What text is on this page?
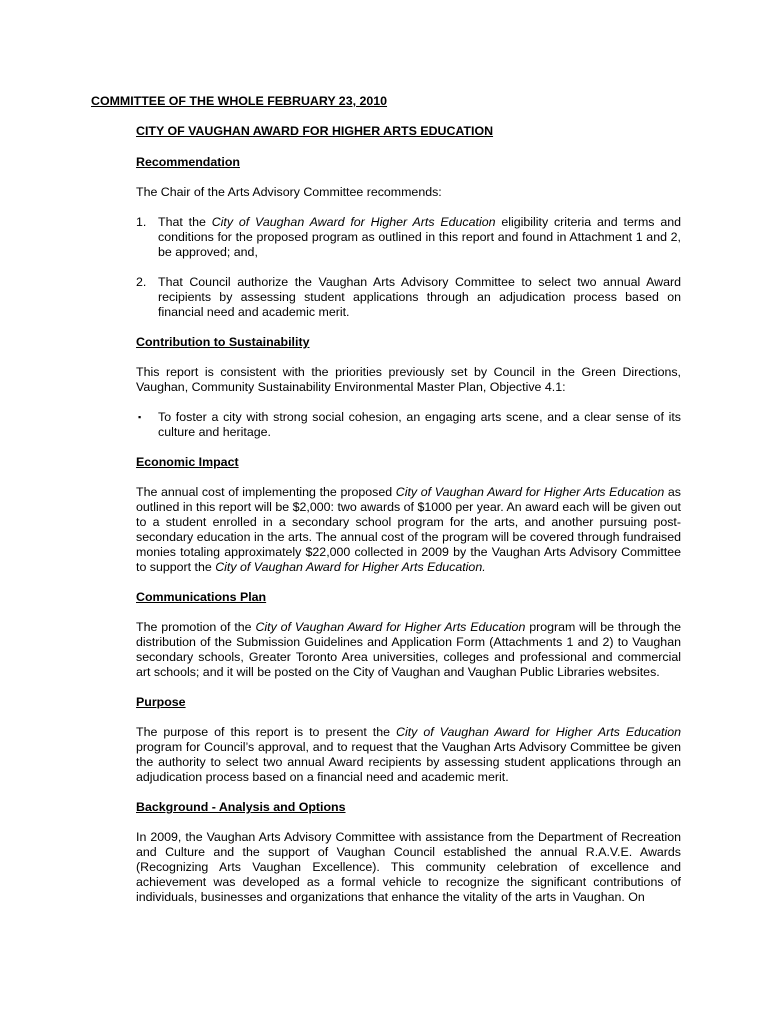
COMMITTEE OF THE WHOLE FEBRUARY 23, 2010

CITY OF VAUGHAN AWARD FOR HIGHER ARTS EDUCATION

Recommendation

The Chair of the Arts Advisory Committee recommends:

1. That the City of Vaughan Award for Higher Arts Education eligibility criteria and terms and conditions for the proposed program as outlined in this report and found in Attachment 1 and 2, be approved; and,
2. That Council authorize the Vaughan Arts Advisory Committee to select two annual Award recipients by assessing student applications through an adjudication process based on financial need and academic merit.

Contribution to Sustainability

This report is consistent with the priorities previously set by Council in the Green Directions, Vaughan, Community Sustainability Environmental Master Plan, Objective 4.1:

▪ To foster a city with strong social cohesion, an engaging arts scene, and a clear sense of its culture and heritage.

Economic Impact

The annual cost of implementing the proposed City of Vaughan Award for Higher Arts Education as outlined in this report will be $2,000: two awards of $1000 per year. An award each will be given out to a student enrolled in a secondary school program for the arts, and another pursuing post-secondary education in the arts. The annual cost of the program will be covered through fundraised monies totaling approximately $22,000 collected in 2009 by the Vaughan Arts Advisory Committee to support the City of Vaughan Award for Higher Arts Education.

Communications Plan

The promotion of the City of Vaughan Award for Higher Arts Education program will be through the distribution of the Submission Guidelines and Application Form (Attachments 1 and 2) to Vaughan secondary schools, Greater Toronto Area universities, colleges and professional and commercial art schools; and it will be posted on the City of Vaughan and Vaughan Public Libraries websites.

Purpose

The purpose of this report is to present the City of Vaughan Award for Higher Arts Education program for Council’s approval, and to request that the Vaughan Arts Advisory Committee be given the authority to select two annual Award recipients by assessing student applications through an adjudication process based on a financial need and academic merit.

Background - Analysis and Options

In 2009, the Vaughan Arts Advisory Committee with assistance from the Department of Recreation and Culture and the support of Vaughan Council established the annual R.A.V.E. Awards (Recognizing Arts Vaughan Excellence). This community celebration of excellence and achievement was developed as a formal vehicle to recognize the significant contributions of individuals, businesses and organizations that enhance the vitality of the arts in Vaughan. On
